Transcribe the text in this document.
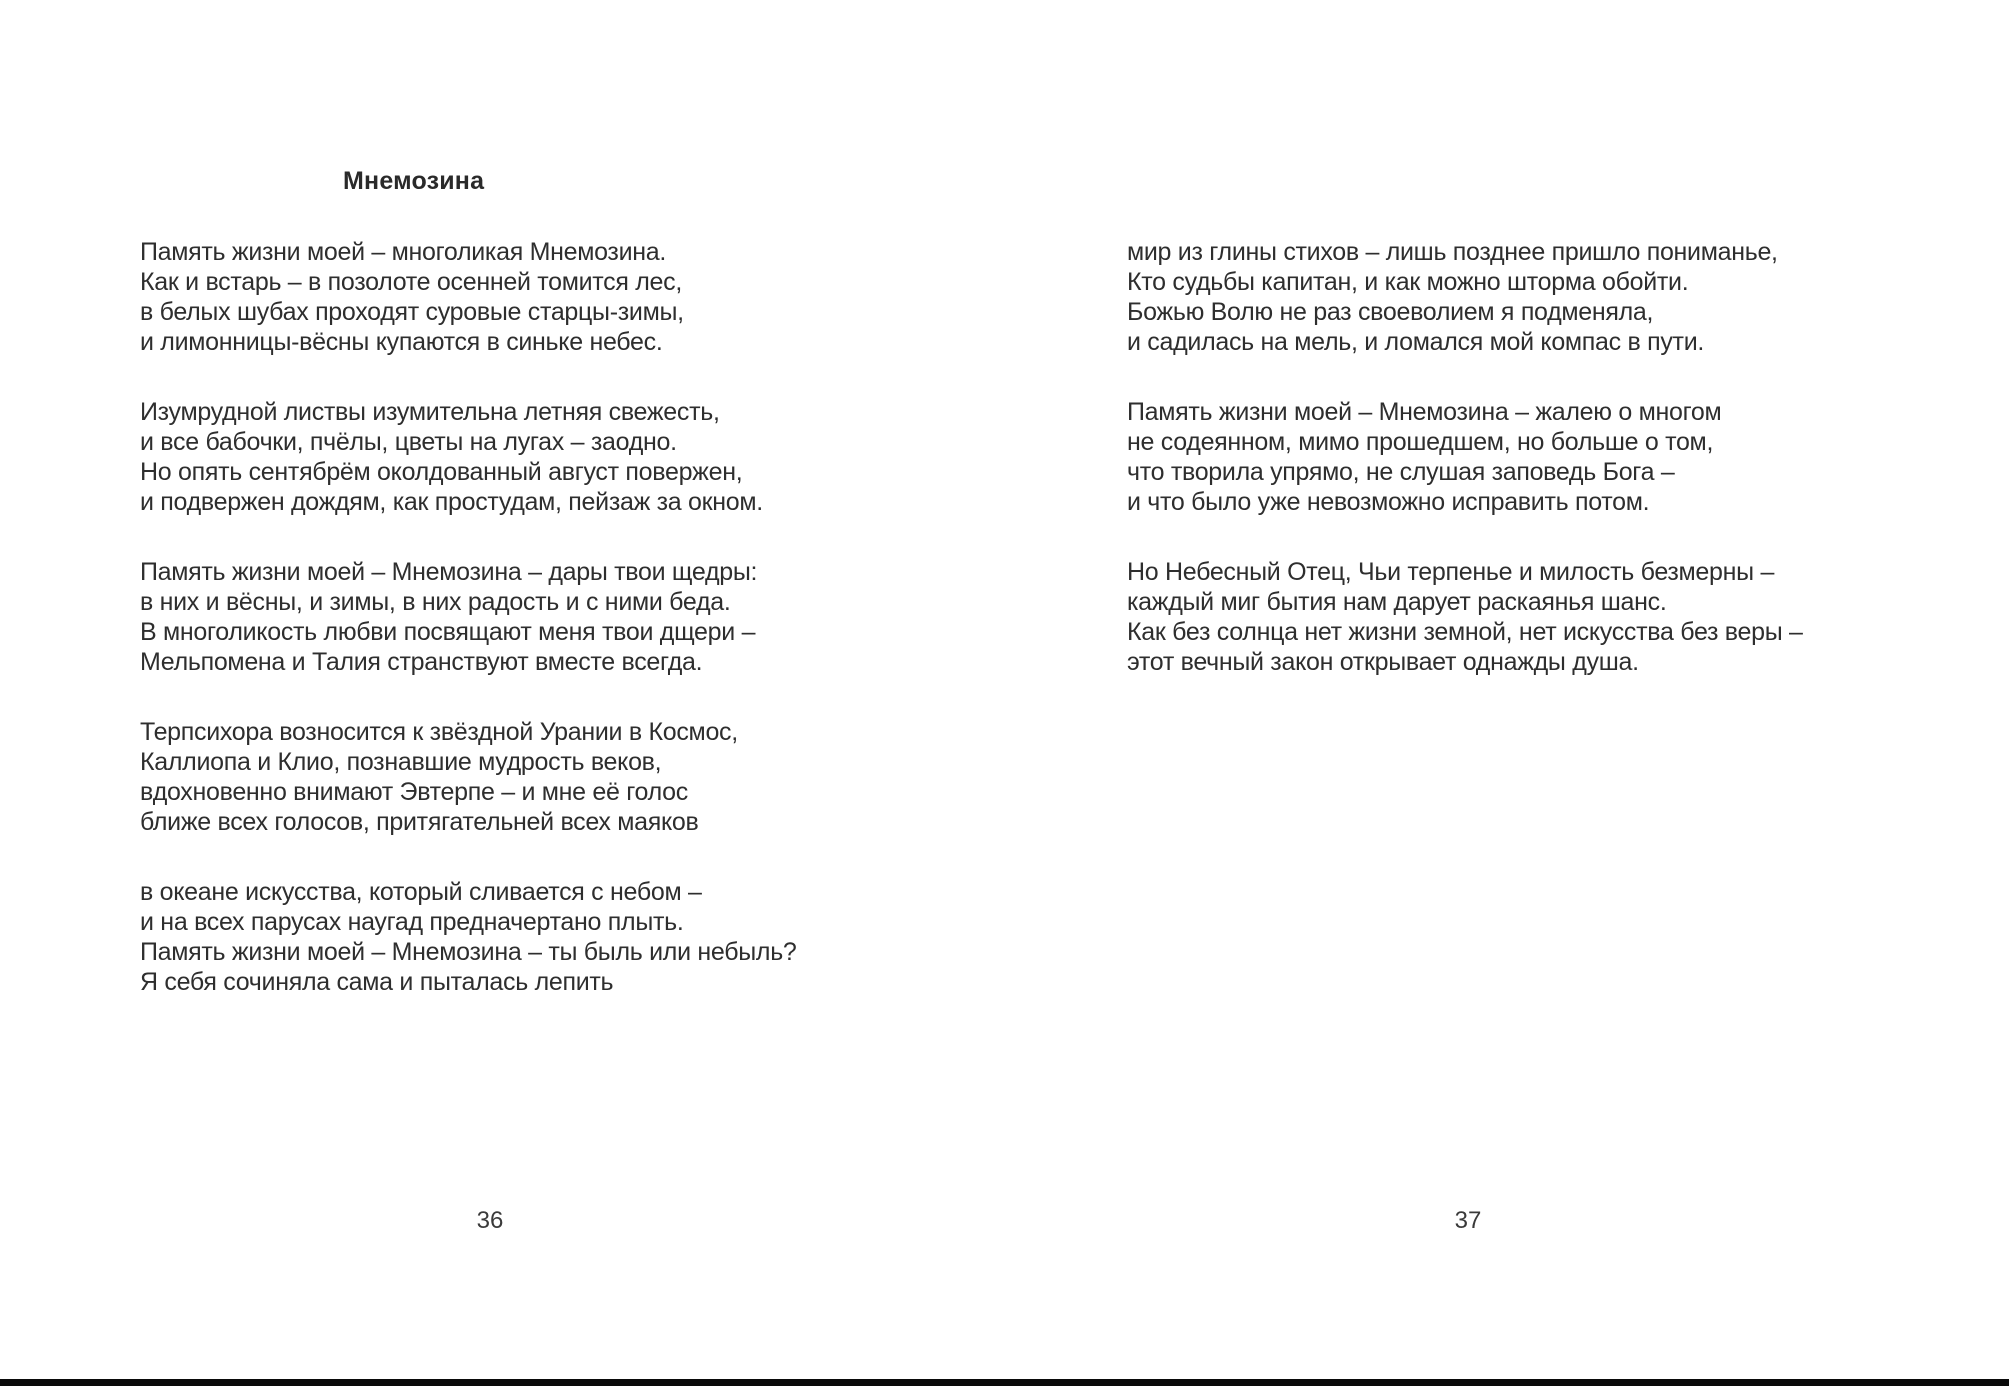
Мнемозина
Память жизни моей – многоликая Мнемозина.
Как и встарь – в позолоте осенней томится лес,
в белых шубах проходят суровые старцы-зимы,
и лимонницы-вёсны купаются в синьке небес.
Изумрудной листвы изумительна летняя свежесть,
и все бабочки, пчёлы, цветы на лугах – заодно.
Но опять сентябрём околдованный август повержен,
и подвержен дождям, как простудам, пейзаж за окном.
Память жизни моей – Мнемозина – дары твои щедры:
в них и вёсны, и зимы, в них радость и с ними беда.
В многоликость любви посвящают меня твои дщери –
Мельпомена и Талия странствуют вместе всегда.
Терпсихора возносится к звёздной Урании в Космос,
Каллиопа и Клио, познавшие мудрость веков,
вдохновенно внимают Эвтерпе – и мне её голос
ближе всех голосов, притягательней всех маяков
в океане искусства, который сливается с небом –
и на всех парусах наугад предначертано плыть.
Память жизни моей – Мнемозина – ты быль или небыль?
Я себя сочиняла сама и пыталась лепить
мир из глины стихов – лишь позднее пришло пониманье,
Кто судьбы капитан, и как можно шторма обойти.
Божью Волю не раз своеволием я подменяла,
и садилась на мель, и ломался мой компас в пути.
Память жизни моей – Мнемозина – жалею о многом
не содеянном, мимо прошедшем, но больше о том,
что творила упрямо, не слушая заповедь Бога –
и что было уже невозможно исправить потом.
Но Небесный Отец, Чьи терпенье и милость безмерны –
каждый миг бытия нам дарует раскаянья шанс.
Как без солнца нет жизни земной, нет искусства без веры –
этот вечный закон открывает однажды душа.
36	37
